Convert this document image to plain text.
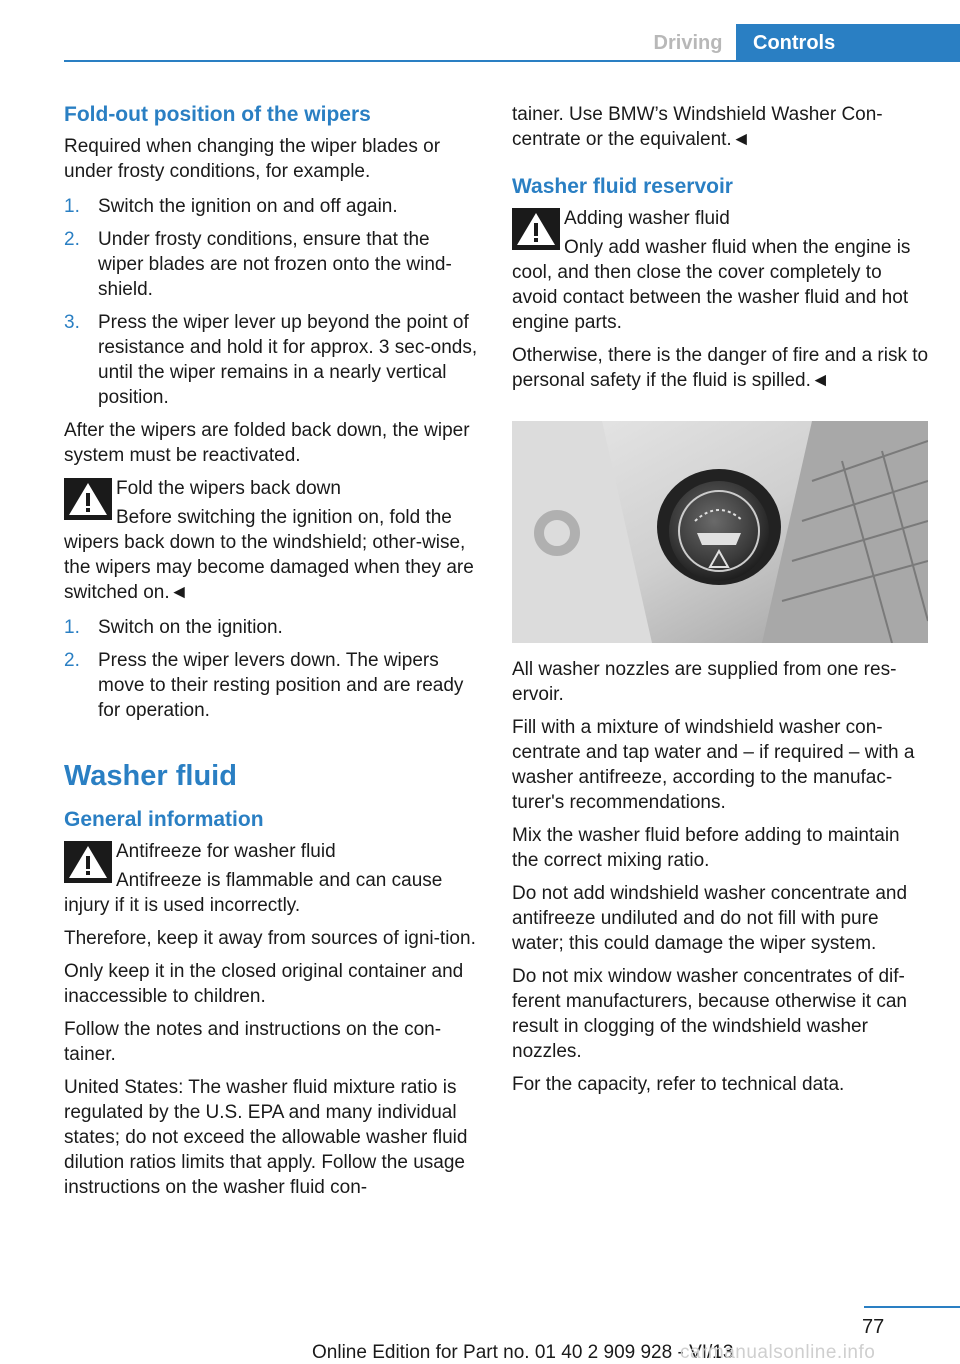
Driving	Controls
Fold-out position of the wipers

Required when changing the wiper blades or under frosty conditions, for example.

1. Switch the ignition on and off again.
2. Under frosty conditions, ensure that the wiper blades are not frozen onto the wind-shield.
3. Press the wiper lever up beyond the point of resistance and hold it for approx. 3 sec-onds, until the wiper remains in a nearly vertical position.

After the wipers are folded back down, the wiper system must be reactivated.

Fold the wipers back down

Before switching the ignition on, fold the wipers back down to the windshield; other-wise, the wipers may become damaged when they are switched on.◄

1. Switch on the ignition.
2. Press the wiper levers down. The wipers move to their resting position and are ready for operation.
Washer fluid
General information
Antifreeze for washer fluid

Antifreeze is flammable and can cause injury if it is used incorrectly.

Therefore, keep it away from sources of igni-tion.

Only keep it in the closed original container and inaccessible to children.

Follow the notes and instructions on the con-tainer.

United States: The washer fluid mixture ratio is regulated by the U.S. EPA and many individual states; do not exceed the allowable washer fluid dilution ratios limits that apply. Follow the usage instructions on the washer fluid con-

tainer. Use BMW’s Windshield Washer Con-centrate or the equivalent.◄

Washer fluid reservoir
Adding washer fluid

Only add washer fluid when the engine is cool, and then close the cover completely to avoid contact between the washer fluid and hot engine parts.

Otherwise, there is the danger of fire and a risk to personal safety if the fluid is spilled.◄

All washer nozzles are supplied from one res-ervoir.

Fill with a mixture of windshield washer con-centrate and tap water and – if required – with a washer antifreeze, according to the manufac-turer's recommendations.

Mix the washer fluid before adding to maintain the correct mixing ratio.

Do not add windshield washer concentrate and antifreeze undiluted and do not fill with pure water; this could damage the wiper system.

Do not mix window washer concentrates of dif-ferent manufacturers, because otherwise it can result in clogging of the windshield washer nozzles.

For the capacity, refer to technical data.

77
Online Edition for Part no. 01 40 2 909 928 - VI/13
carmanualsonline.info
